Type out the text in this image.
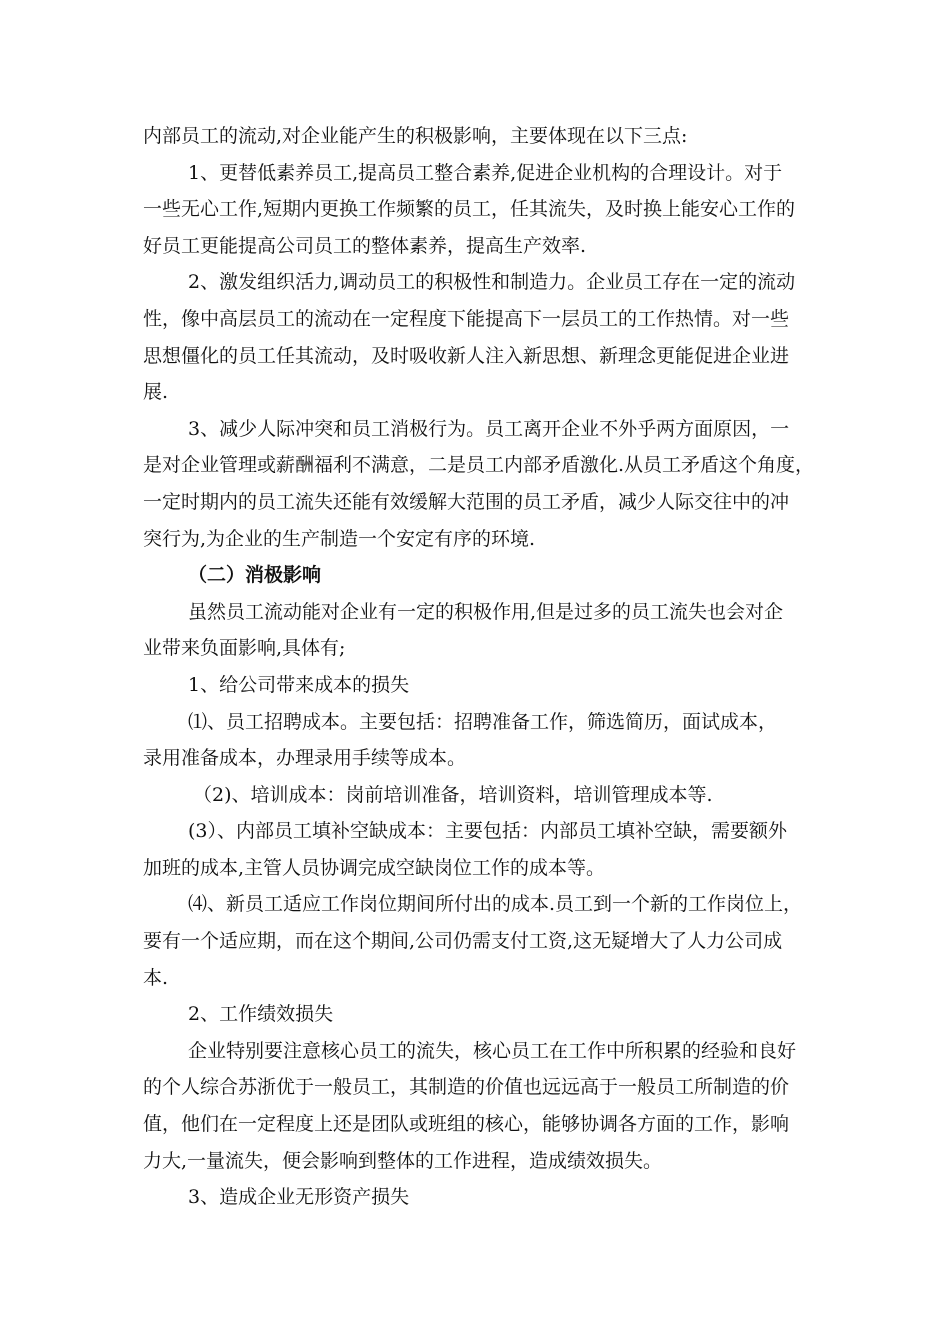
内部员工的流动,对企业能产生的积极影响，主要体现在以下三点:
1、更替低素养员工,提高员工整合素养,促进企业机构的合理设计。对于
一些无心工作,短期内更换工作频繁的员工，任其流失，及时换上能安心工作的
好员工更能提高公司员工的整体素养，提高生产效率.
2、激发组织活力,调动员工的积极性和制造力。企业员工存在一定的流动
性，像中高层员工的流动在一定程度下能提高下一层员工的工作热情。对一些
思想僵化的员工任其流动，及时吸收新人注入新思想、新理念更能促进企业进
展.
3、减少人际冲突和员工消极行为。员工离开企业不外乎两方面原因，一
是对企业管理或薪酬福利不满意，二是员工内部矛盾激化.从员工矛盾这个角度，
一定时期内的员工流失还能有效缓解大范围的员工矛盾，减少人际交往中的冲
突行为,为企业的生产制造一个安定有序的环境.
（二）消极影响
虽然员工流动能对企业有一定的积极作用,但是过多的员工流失也会对企
业带来负面影响,具体有;
1、给公司带来成本的损失
⑴、员工招聘成本。主要包括：招聘准备工作，筛选简历，面试成本，
录用准备成本，办理录用手续等成本。
（2)、培训成本：岗前培训准备，培训资料，培训管理成本等.
(3）、内部员工填补空缺成本：主要包括：内部员工填补空缺，需要额外
加班的成本,主管人员协调完成空缺岗位工作的成本等。
⑷、新员工适应工作岗位期间所付出的成本.员工到一个新的工作岗位上，
要有一个适应期，而在这个期间,公司仍需支付工资,这无疑增大了人力公司成
本.
2、工作绩效损失
企业特别要注意核心员工的流失，核心员工在工作中所积累的经验和良好
的个人综合苏浙优于一般员工，其制造的价值也远远高于一般员工所制造的价
值，他们在一定程度上还是团队或班组的核心，能够协调各方面的工作，影响
力大,一量流失，便会影响到整体的工作进程，造成绩效损失。
3、造成企业无形资产损失
